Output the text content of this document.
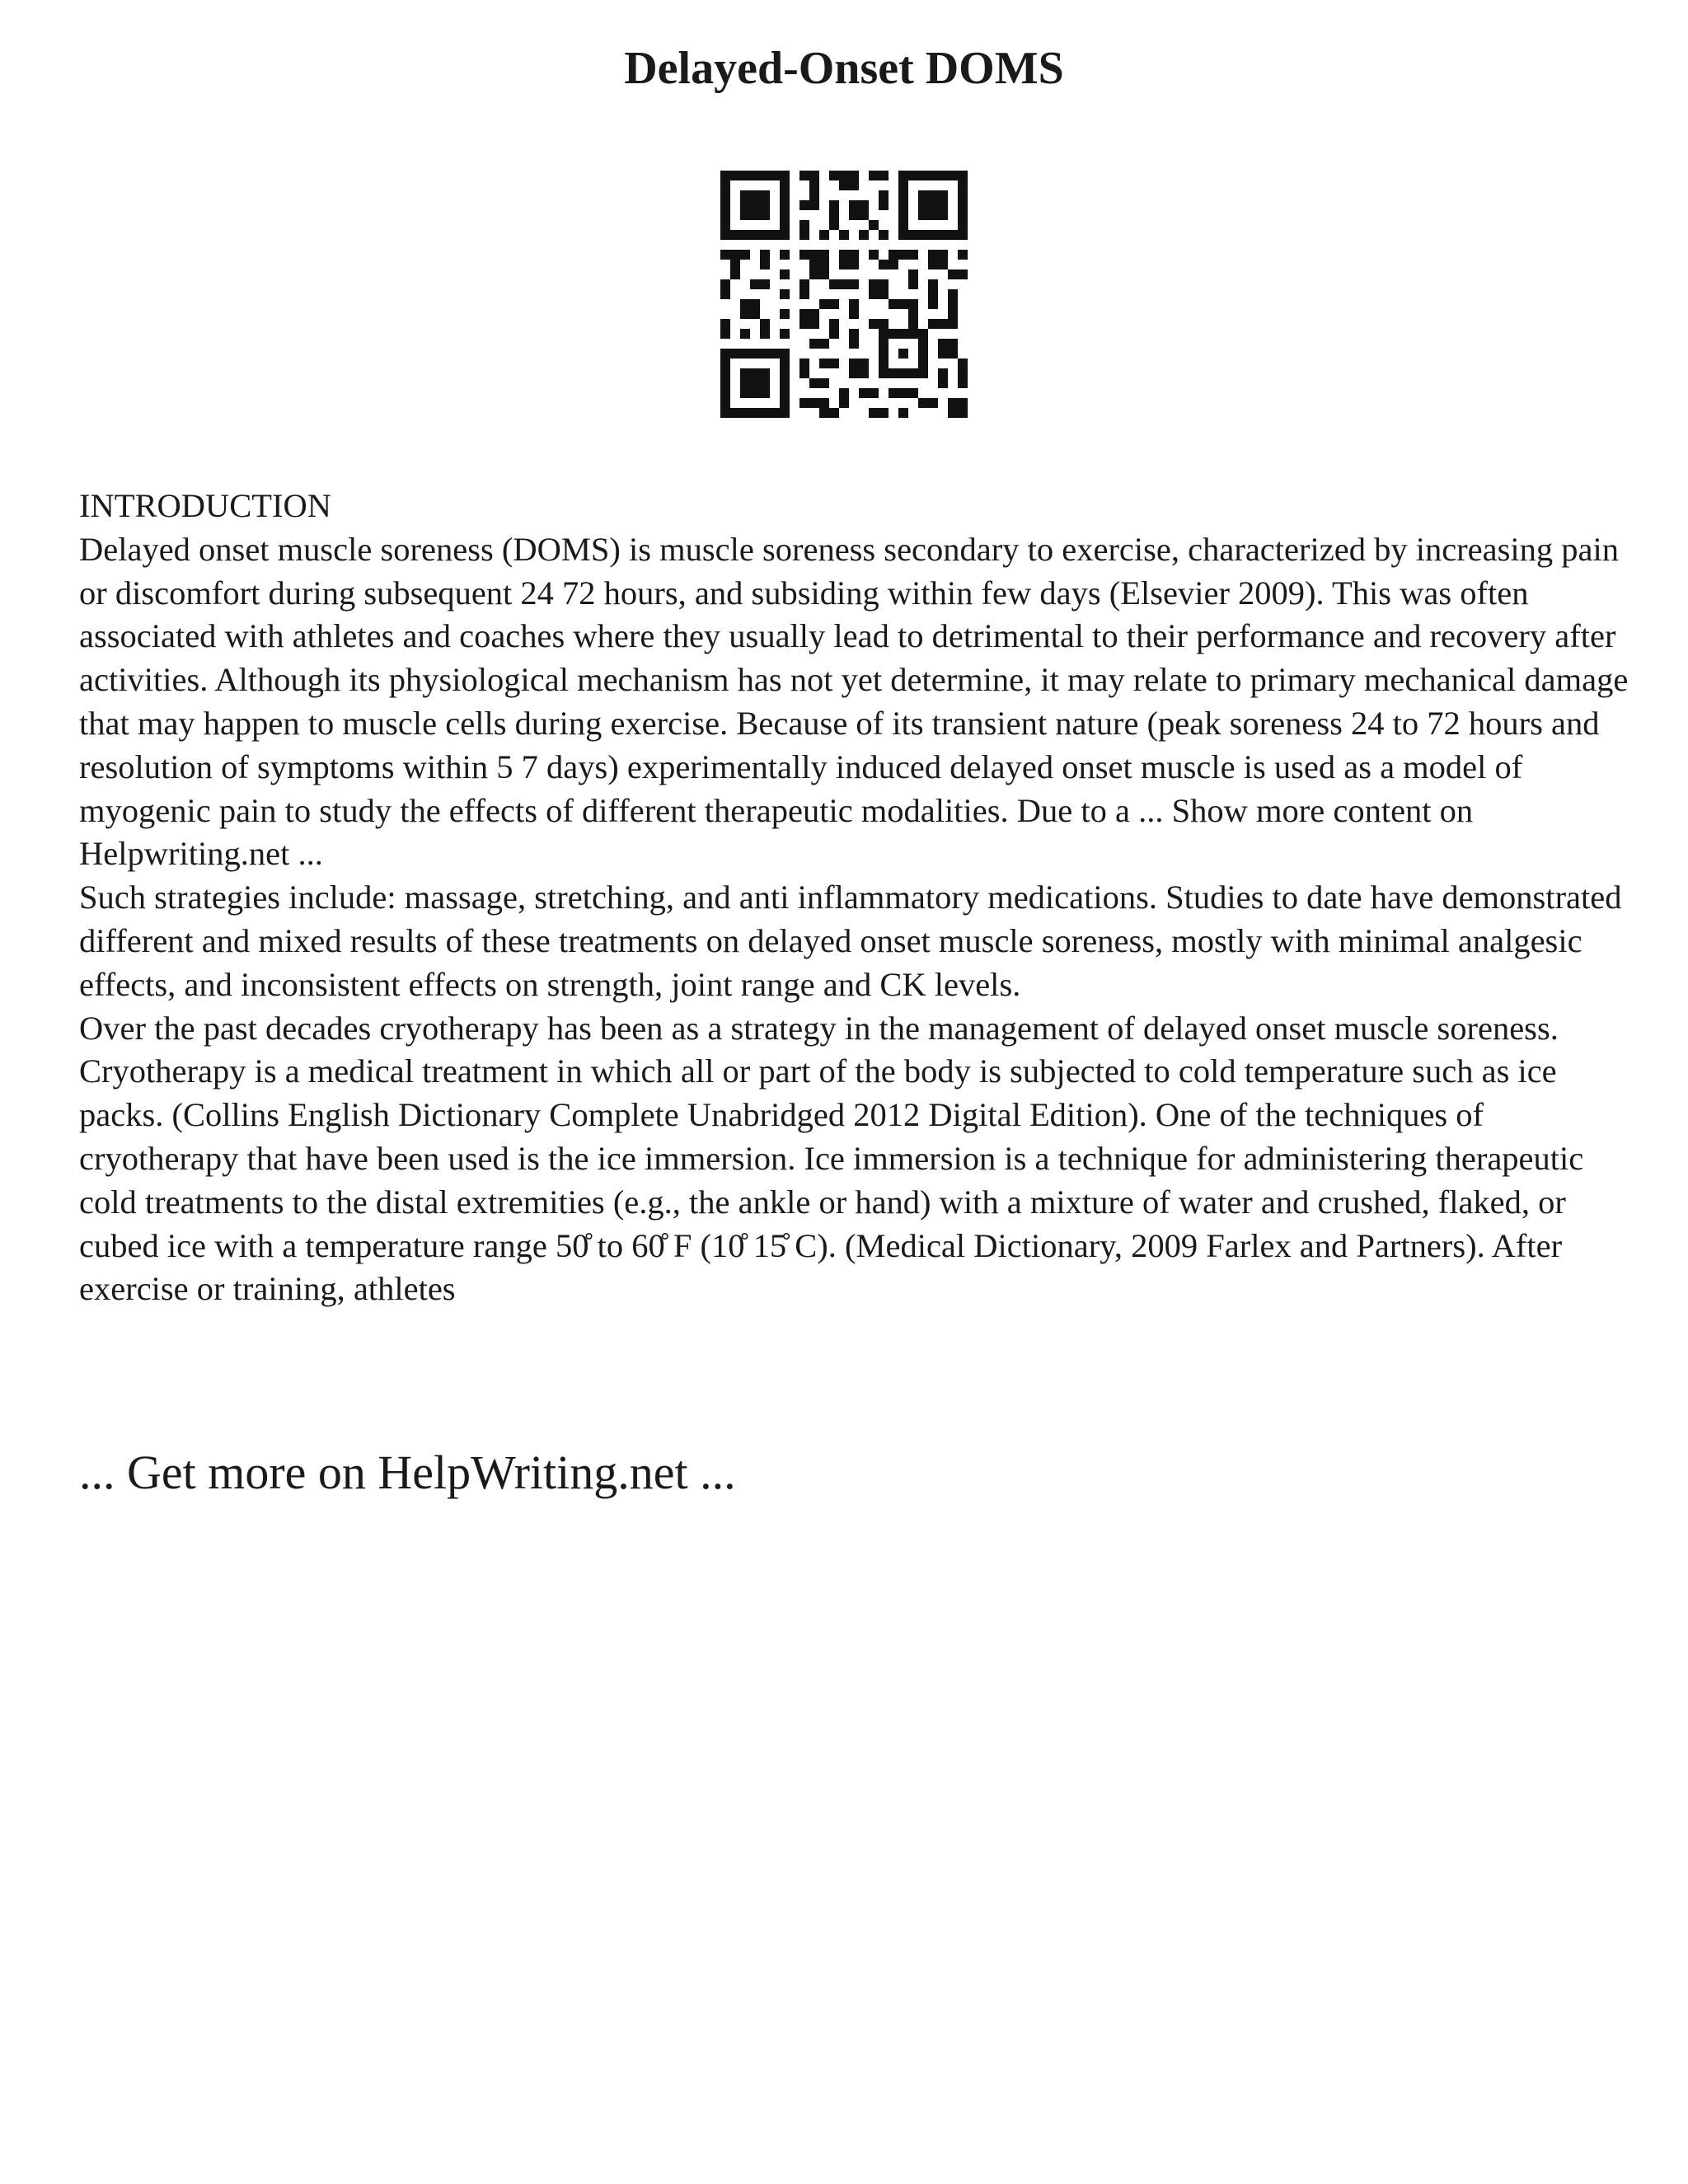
Delayed-Onset DOMS

INTRODUCTION

Delayed onset muscle soreness (DOMS) is muscle soreness secondary to exercise, characterized by increasing pain or discomfort during subsequent 24 72 hours, and subsiding within few days (Elsevier 2009). This was often associated with athletes and coaches where they usually lead to detrimental to their performance and recovery after activities. Although its physiological mechanism has not yet determine, it may relate to primary mechanical damage that may happen to muscle cells during exercise. Because of its transient nature (peak soreness 24 to 72 hours and resolution of symptoms within 5 7 days) experimentally induced delayed onset muscle is used as a model of myogenic pain to study the effects of different therapeutic modalities. Due to a ... Show more content on Helpwriting.net ...

Such strategies include: massage, stretching, and anti inflammatory medications. Studies to date have demonstrated different and mixed results of these treatments on delayed onset muscle soreness, mostly with minimal analgesic effects, and inconsistent effects on strength, joint range and CK levels.

Over the past decades cryotherapy has been as a strategy in the management of delayed onset muscle soreness. Cryotherapy is a medical treatment in which all or part of the body is subjected to cold temperature such as ice packs. (Collins English Dictionary Complete Unabridged 2012 Digital Edition). One of the techniques of cryotherapy that have been used is the ice immersion. Ice immersion is a technique for administering therapeutic cold treatments to the distal extremities (e.g., the ankle or hand) with a mixture of water and crushed, flaked, or cubed ice with a temperature range 50̊ to 60̊ F (10̊ 15̊ C). (Medical Dictionary, 2009 Farlex and Partners). After exercise or training, athletes

... Get more on HelpWriting.net ...
